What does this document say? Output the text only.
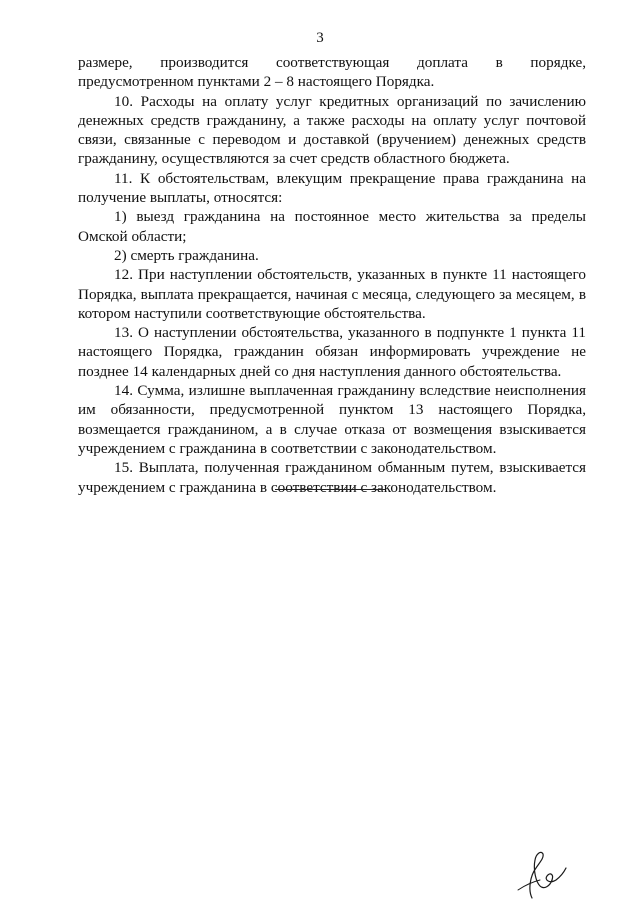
3

размере, производится соответствующая доплата в порядке, предусмотренном пунктами 2 – 8 настоящего Порядка.

10. Расходы на оплату услуг кредитных организаций по зачислению денежных средств гражданину, а также расходы на оплату услуг почтовой связи, связанные с переводом и доставкой (вручением) денежных средств гражданину, осуществляются за счет средств областного бюджета.

11. К обстоятельствам, влекущим прекращение права гражданина на получение выплаты, относятся:

1) выезд гражданина на постоянное место жительства за пределы Омской области;

2) смерть гражданина.

12. При наступлении обстоятельств, указанных в пункте 11 настоящего Порядка, выплата прекращается, начиная с месяца, следующего за месяцем, в котором наступили соответствующие обстоятельства.

13. О наступлении обстоятельства, указанного в подпункте 1 пункта 11 настоящего Порядка, гражданин обязан информировать учреждение не позднее 14 календарных дней со дня наступления данного обстоятельства.

14. Сумма, излишне выплаченная гражданину вследствие неисполнения им обязанности, предусмотренной пунктом 13 настоящего Порядка, возмещается гражданином, а в случае отказа от возмещения взыскивается учреждением с гражданина в соответствии с законодательством.

15. Выплата, полученная гражданином обманным путем, взыскивается учреждением с гражданина в соответствии с законодательством.
